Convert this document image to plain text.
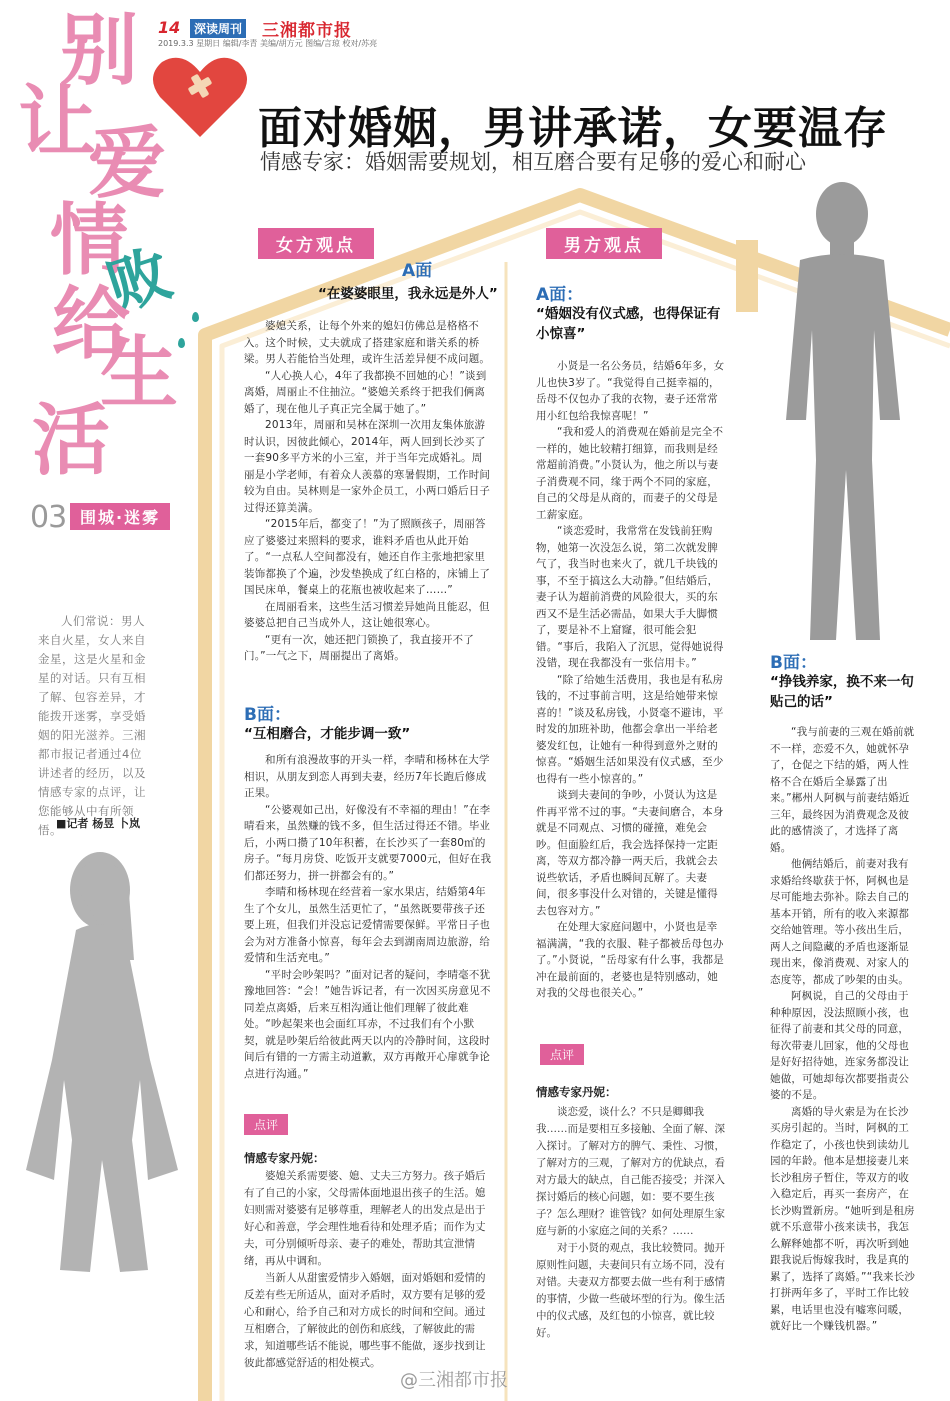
14	深读周刊 三湘都市报
2019.3.3 星期日 编辑/李青 美编/胡方元 图编/言琼 校对/苏亮
别
让
爱
情
败
给
生
活
03 围城·迷雾
面对婚姻，男讲承诺，女要温存
情感专家：婚姻需要规划，相互磨合要有足够的爱心和耐心
人们常说：男人来自火星，女人来自金星，这是火星和金星的对话。只有互相了解、包容差异，才能拨开迷雾，享受婚姻的阳光滋养。三湘都市报记者通过4位讲述者的经历，以及情感专家的点评，让您能够从中有所领悟。
■记者 杨昱 卜岚
女方观点
A面
“在婆婆眼里，我永远是外人”

婆媳关系，让每个外来的媳妇仿佛总是格格不入。这个时候，丈夫就成了搭建家庭和谐关系的桥梁。男人若能恰当处理，或许生活差异便不成问题。

“人心换人心，4年了我都换不回她的心！”谈到离婚，周丽止不住抽泣。“婆媳关系终于把我们俩离婚了，现在他儿子真正完全属于她了。”

2013年，周丽和吴林在深圳一次用友集体旅游时认识，因彼此倾心，2014年，两人回到长沙买了一套90多平方米的小三室，并于当年完成婚礼。周丽是小学老师，有着众人羡慕的寒暑假期，工作时间较为自由。吴林则是一家外企员工，小两口婚后日子过得还算美满。

“2015年后，都变了！”为了照顾孩子，周丽答应了婆婆过来照料的要求，谁料矛盾也从此开始了。“一点私人空间都没有，她还自作主张地把家里装饰都换了个遍，沙发垫换成了红白格的，床铺上了国民床单，餐桌上的花瓶也被收起来了……”

在周丽看来，这些生活习惯差异她尚且能忍，但婆婆总把自己当成外人，这让她很寒心。

“更有一次，她还把门锁换了，我直接开不了门。”一气之下，周丽提出了离婚。

B面：
“互相磨合，才能步调一致”

和所有浪漫故事的开头一样，李晴和杨林在大学相识，从朋友到恋人再到夫妻，经历7年长跑后修成正果。

“公婆观如己出，好像没有不幸福的理由！”在李晴看来，虽然赚的钱不多，但生活过得还不错。毕业后，小两口攒了10年积蓄，在长沙买了一套80㎡的房子。“每月房贷、吃饭开支就要7000元，但好在我们都还努力，拼一拼都会有的。”

李晴和杨林现在经营着一家水果店，结婚第4年生了个女儿，虽然生活更忙了，“虽然既要带孩子还要上班，但我们并没忘记爱情需要保鲜。平常日子也会为对方准备小惊喜，每年会去到湖南周边旅游，给爱情和生活充电。”

“平时会吵架吗？”面对记者的疑问，李晴毫不犹豫地回答：“会！”她告诉记者，有一次因买房意见不同差点离婚，后来互相沟通让他们理解了彼此难处。“吵起架来也会面红耳赤，不过我们有个小默契，就是吵架后给彼此两天以内的冷静时间，这段时间后有错的一方需主动道歉，双方再敞开心扉就争论点进行沟通。”

点评
情感专家丹妮：

婆媳关系需要婆、媳、丈夫三方努力。孩子婚后有了自己的小家，父母需体面地退出孩子的生活。媳妇则需对婆婆有足够尊重，理解老人的出发点是出于好心和善意，学会理性地看待和处理矛盾；而作为丈夫，可分别倾听母亲、妻子的难处，帮助其宣泄情绪，再从中调和。

当新人从甜蜜爱情步入婚姻，面对婚姻和爱情的反差有些无所适从，面对矛盾时，双方要有足够的爱心和耐心，给予自己和对方成长的时间和空间。通过互相磨合，了解彼此的创伤和底线，了解彼此的需求，知道哪些话不能说，哪些事不能做，逐步找到让彼此都感觉舒适的相处模式。

男方观点
A面：
“婚姻没有仪式感，也得保证有小惊喜”

小贤是一名公务员，结婚6年多，女儿也快3岁了。“我觉得自己挺幸福的，岳母不仅包办了我的衣物，妻子还常常用小红包给我惊喜呢！”

“我和爱人的消费观在婚前是完全不一样的，她比较精打细算，而我则是经常超前消费。”小贤认为，他之所以与妻子消费观不同，缘于两个不同的家庭，自己的父母是从商的，而妻子的父母是工薪家庭。

“谈恋爱时，我常常在发钱前狂购物，她第一次没怎么说，第二次就发脾气了，我当时也来火了，就几千块钱的事，不至于搞这么大动静。”但结婚后，妻子认为超前消费的风险很大，买的东西又不是生活必需品，如果大手大脚惯了，要是补不上窟窿，很可能会犯错。“事后，我陷入了沉思，觉得她说得没错，现在我都没有一张信用卡。”

“除了给她生活费用，我也是有私房钱的，不过事前言明，这是给她带来惊喜的！”谈及私房钱，小贤毫不避讳，平时发的加班补助，他都会拿出一半给老婆发红包，让她有一种得到意外之财的惊喜。“婚姻生活如果没有仪式感，至少也得有一些小惊喜的。”

谈到夫妻间的争吵，小贤认为这是件再平常不过的事。“夫妻间磨合，本身就是不同观点、习惯的碰撞，难免会吵。但面脸红后，我会选择保持一定距离，等双方都冷静一两天后，我就会去说些软话，矛盾也瞬间瓦解了。夫妻间，很多事没什么对错的，关键是懂得去包容对方。”

在处理大家庭问题中，小贤也是幸福满满，“我的衣服、鞋子都被岳母包办了。”小贤说，“岳母家有什么事，我都是冲在最前面的，老婆也是特别感动，她对我的父母也很关心。”

点评
情感专家丹妮：

谈恋爱，谈什么？不只是卿卿我我……而是要相互多接触、全面了解、深入探讨。了解对方的脾气、秉性、习惯，了解对方的三观，了解对方的优缺点，看对方最大的缺点，自己能否接受；并深入探讨婚后的核心问题，如：要不要生孩子？怎么理财？谁管钱？如何处理原生家庭与新的小家庭之间的关系？……

对于小贤的观点，我比较赞同。抛开原则性问题，夫妻间只有立场不同，没有对错。夫妻双方都要去做一些有利于感情的事情，少做一些破坏型的行为。像生活中的仪式感，及红包的小惊喜，就比较好。

B面：
“挣钱养家，换不来一句贴己的话”

“我与前妻的三观在婚前就不一样，恋爱不久，她就怀孕了，仓促之下结的婚，两人性格不合在婚后全暴露了出来。”郴州人阿枫与前妻结婚近三年，最终因为消费观念及彼此的感情淡了，才选择了离婚。

他俩结婚后，前妻对我有求婚给终歇获于怀，阿枫也是尽可能地去弥补。除去自己的基本开销，所有的收入来源都交给她管理。等小孩出生后，两人之间隐藏的矛盾也逐渐显现出来，像消费观、对家人的态度等，都成了吵架的由头。

阿枫说，自己的父母由于种种原因，没法照顾小孩，也征得了前妻和其父母的同意，每次带妻儿回家，他的父母也是好好招待她，连家务都没让她做，可她却每次都要指责公婆的不是。

离婚的导火索是为在长沙买房引起的。当时，阿枫的工作稳定了，小孩也快到读幼儿园的年龄。他本是想接妻儿来长沙租房子暂住，等双方的收入稳定后，再买一套房产，在长沙购置新房。“她听到是租房就不乐意带小孩来读书，我怎么解释她都不听，再次听到她跟我说后悔嫁我时，我是真的累了，选择了离婚。”“我来长沙打拼两年多了，平时工作比较累，电话里也没有嘘寒问暖，就好比一个赚钱机器。”

@三湘都市报
